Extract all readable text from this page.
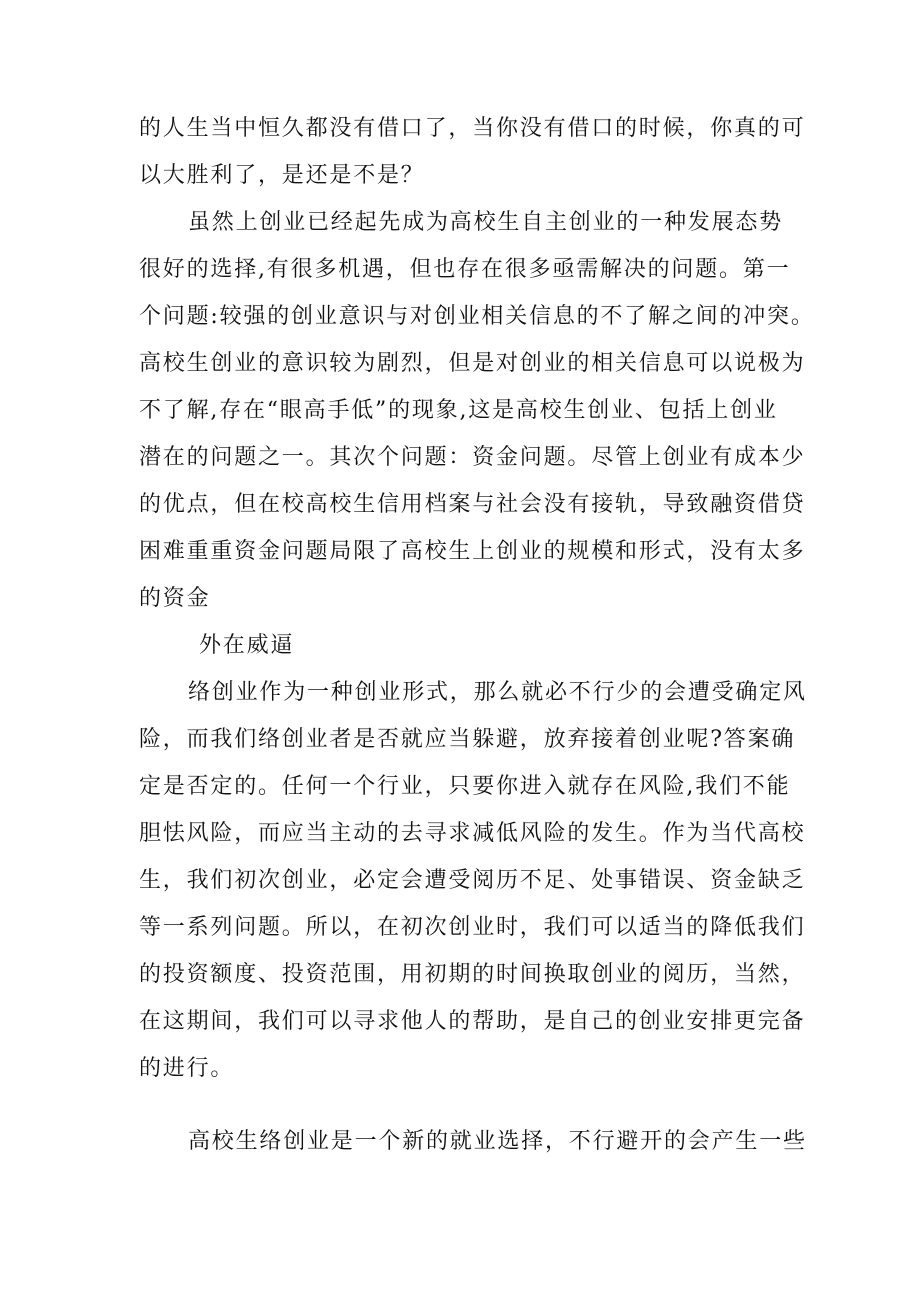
的人生当中恒久都没有借口了，当你没有借口的时候，你真的可
以大胜利了，是还是不是？
虽然上创业已经起先成为高校生自主创业的一种发展态势
很好的选择,有很多机遇，但也存在很多亟需解决的问题。第一
个问题:较强的创业意识与对创业相关信息的不了解之间的冲突。
高校生创业的意识较为剧烈，但是对创业的相关信息可以说极为
不了解,存在“眼高手低”的现象,这是高校生创业、包括上创业
潜在的问题之一。其次个问题：资金问题。尽管上创业有成本少
的优点，但在校高校生信用档案与社会没有接轨，导致融资借贷
困难重重资金问题局限了高校生上创业的规模和形式，没有太多
的资金
外在威逼
络创业作为一种创业形式，那么就必不行少的会遭受确定风
险，而我们络创业者是否就应当躲避，放弃接着创业呢?答案确
定是否定的。任何一个行业，只要你进入就存在风险,我们不能
胆怯风险，而应当主动的去寻求减低风险的发生。作为当代高校
生，我们初次创业，必定会遭受阅历不足、处事错误、资金缺乏
等一系列问题。所以，在初次创业时，我们可以适当的降低我们
的投资额度、投资范围，用初期的时间换取创业的阅历，当然，
在这期间，我们可以寻求他人的帮助，是自己的创业安排更完备
的进行。
高校生络创业是一个新的就业选择，不行避开的会产生一些
